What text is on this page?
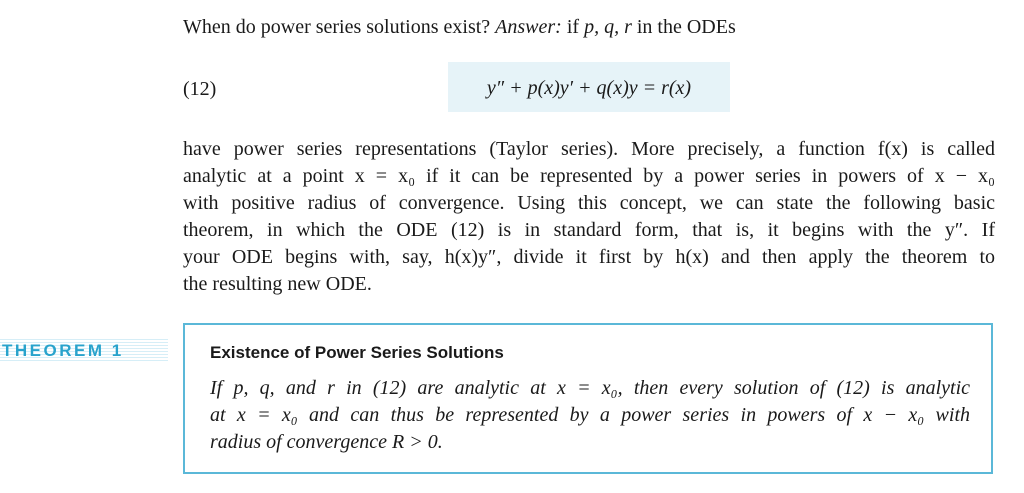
When do power series solutions exist? Answer: if p, q, r in the ODEs
(12)	y″ + p(x)y′ + q(x)y = r(x)
have power series representations (Taylor series). More precisely, a function f(x) is called
analytic at a point x = x₀ if it can be represented by a power series in powers of x − x₀
with positive radius of convergence. Using this concept, we can state the following basic
theorem, in which the ODE (12) is in standard form, that is, it begins with the y″. If
your ODE begins with, say, h(x)y″, divide it first by h(x) and then apply the theorem to
the resulting new ODE.
THEOREM 1	Existence of Power Series Solutions
If p, q, and r in (12) are analytic at x = x₀, then every solution of (12) is analytic
at x = x₀ and can thus be represented by a power series in powers of x − x₀ with
radius of convergence R > 0.
